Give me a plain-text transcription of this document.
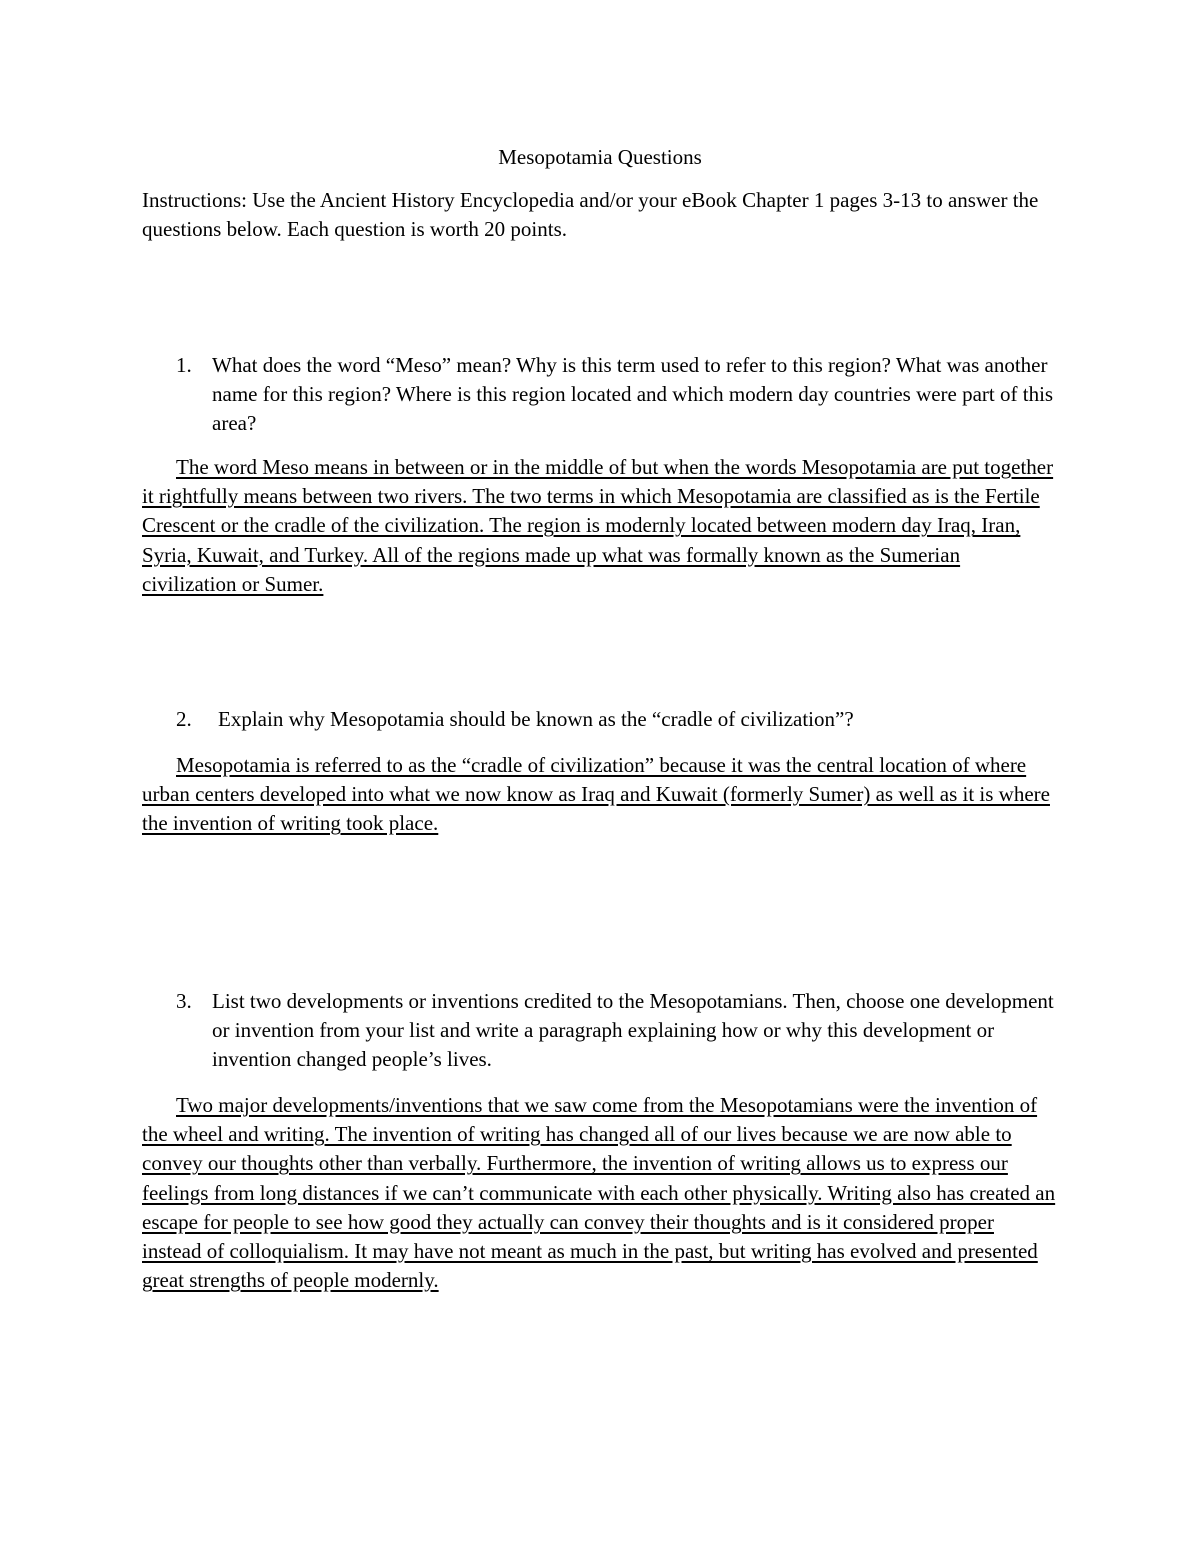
Mesopotamia Questions
Instructions: Use the Ancient History Encyclopedia and/or your eBook Chapter 1 pages 3-13 to answer the questions below. Each question is worth 20 points.
1. What does the word “Meso” mean? Why is this term used to refer to this region? What was another name for this region? Where is this region located and which modern day countries were part of this area?
The word Meso means in between or in the middle of but when the words Mesopotamia are put together it rightfully means between two rivers. The two terms in which Mesopotamia are classified as is the Fertile Crescent or the cradle of the civilization. The region is modernly located between modern day Iraq, Iran, Syria, Kuwait, and Turkey. All of the regions made up what was formally known as the Sumerian civilization or Sumer.
2. Explain why Mesopotamia should be known as the “cradle of civilization”?
Mesopotamia is referred to as the “cradle of civilization” because it was the central location of where urban centers developed into what we now know as Iraq and Kuwait (formerly Sumer) as well as it is where the invention of writing took place.
3. List two developments or inventions credited to the Mesopotamians. Then, choose one development or invention from your list and write a paragraph explaining how or why this development or invention changed people’s lives.
Two major developments/inventions that we saw come from the Mesopotamians were the invention of the wheel and writing. The invention of writing has changed all of our lives because we are now able to convey our thoughts other than verbally. Furthermore, the invention of writing allows us to express our feelings from long distances if we can’t communicate with each other physically. Writing also has created an escape for people to see how good they actually can convey their thoughts and is it considered proper instead of colloquialism. It may have not meant as much in the past, but writing has evolved and presented great strengths of people modernly.
